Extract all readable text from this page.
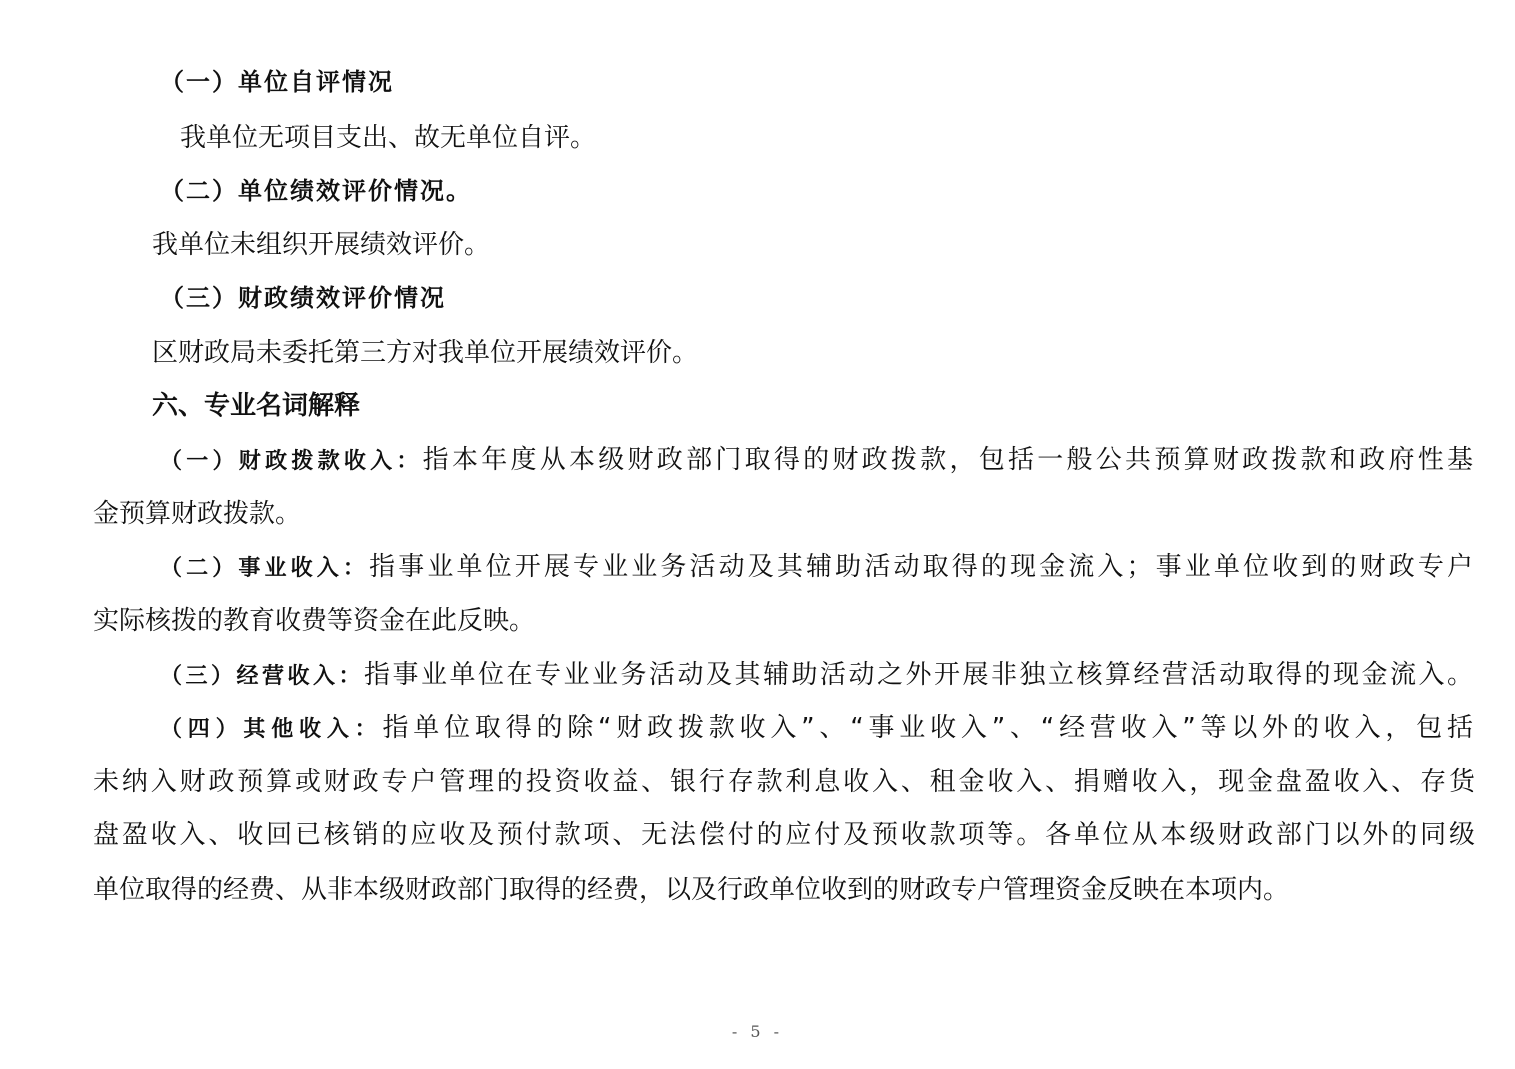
（一）单位自评情况
我单位无项目支出、故无单位自评。
（二）单位绩效评价情况。
我单位未组织开展绩效评价。
（三）财政绩效评价情况
区财政局未委托第三方对我单位开展绩效评价。
六、专业名词解释
（一）财政拨款收入：指本年度从本级财政部门取得的财政拨款，包括一般公共预算财政拨款和政府性基
金预算财政拨款。
（二）事业收入：指事业单位开展专业业务活动及其辅助活动取得的现金流入；事业单位收到的财政专户
实际核拨的教育收费等资金在此反映。
（三）经营收入：指事业单位在专业业务活动及其辅助活动之外开展非独立核算经营活动取得的现金流入。
（四）其他收入：指单位取得的除“财政拨款收入”、“事业收入”、“经营收入”等以外的收入，包括
未纳入财政预算或财政专户管理的投资收益、银行存款利息收入、租金收入、捐赠收入，现金盘盈收入、存货
盘盈收入、收回已核销的应收及预付款项、无法偿付的应付及预收款项等。各单位从本级财政部门以外的同级
单位取得的经费、从非本级财政部门取得的经费，以及行政单位收到的财政专户管理资金反映在本项内。
- 5 -
